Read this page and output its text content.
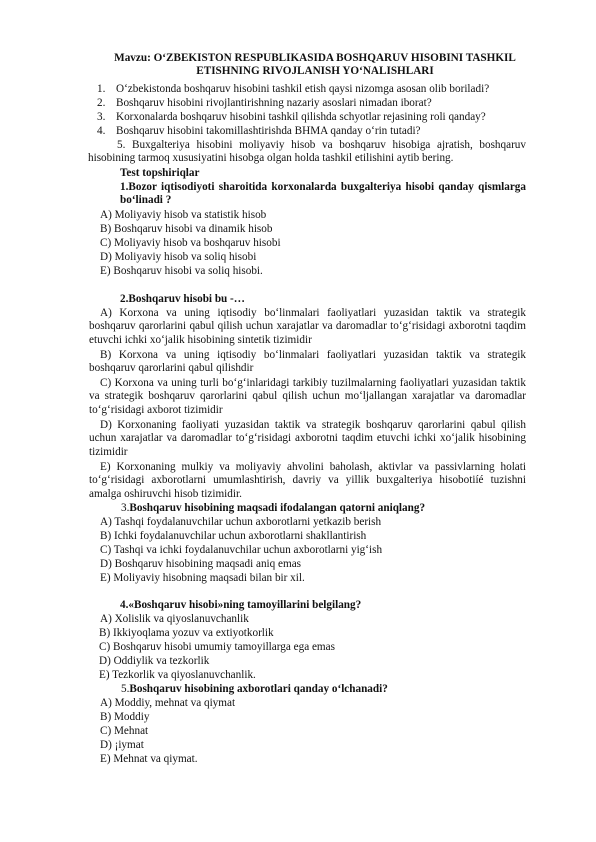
Mavzu: O‘ZBEKISTON RESPUBLIKASIDA BOSHQARUV HISOBINI TASHKIL
ETISHNING RIVOJLANISH YO‘NALISHLARI
1. O‘zbekistonda boshqaruv hisobini tashkil etish qaysi nizomga asosan olib boriladi?
2. Boshqaruv hisobini rivojlantirishning nazariy asoslari nimadan iborat?
3. Korxonalarda boshqaruv hisobini tashkil qilishda schyotlar rejasining roli qanday?
4. Boshqaruv hisobini takomillashtirishda BHMA qanday o‘rin tutadi?
5. Buxgalteriya hisobini moliyaviy hisob va boshqaruv hisobiga ajratish, boshqaruv hisobining tarmoq xususiyatini hisobga olgan holda tashkil etilishini aytib bering.
Test topshiriqlar
1.Bozor iqtisodiyoti sharoitida korxonalarda buxgalteriya hisobi qanday qismlarga bo‘linadi ?
A) Moliyaviy hisob va statistik hisob
B) Boshqaruv hisobi va dinamik hisob
C) Moliyaviy hisob va boshqaruv hisobi
D) Moliyaviy hisob va soliq hisobi
E) Boshqaruv hisobi va soliq hisobi.
2.Boshqaruv hisobi bu -…
A) Korxona va uning iqtisodiy bo‘linmalari faoliyatlari yuzasidan taktik va strategik boshqaruv qarorlarini qabul qilish uchun xarajatlar va daromadlar to‘g‘risidagi axborotni taqdim etuvchi ichki xo‘jalik hisobining sintetik tizimidir
B) Korxona va uning iqtisodiy bo‘linmalari faoliyatlari yuzasidan taktik va strategik boshqaruv qarorlarini qabul qilishdir
C) Korxona va uning turli bo‘g‘inlaridagi tarkibiy tuzilmalarning faoliyatlari yuzasidan taktik va strategik boshqaruv qarorlarini qabul qilish uchun mo‘ljallangan xarajatlar va daromadlar to‘g‘risidagi axborot tizimidir
D) Korxonaning faoliyati yuzasidan taktik va strategik boshqaruv qarorlarini qabul qilish uchun xarajatlar va daromadlar to‘g‘risidagi axborotni taqdim etuvchi ichki xo‘jalik hisobining tizimidir
E) Korxonaning mulkiy va moliyaviy ahvolini baholash, aktivlar va passivlarning holati to‘g‘risidagi axborotlarni umumlashtirish, davriy va yillik buxgalteriya hisobotiíé tuzishni amalga oshiruvchi hisob tizimidir.
3.Boshqaruv hisobining maqsadi ifodalangan qatorni aniqlang?
A) Tashqi foydalanuvchilar uchun axborotlarni yetkazib berish
B) Ichki foydalanuvchilar uchun axborotlarni shakllantirish
C) Tashqi va ichki foydalanuvchilar uchun axborotlarni yig‘ish
D) Boshqaruv hisobining maqsadi aniq emas
E) Moliyaviy hisobning maqsadi bilan bir xil.
4.«Boshqaruv hisobi»ning tamoyillarini belgilang?
A) Xolislik va qiyoslanuvchanlik
B) Ikkiyoqlama yozuv va extiyotkorlik
C) Boshqaruv hisobi umumiy tamoyillarga ega emas
D) Oddiylik va tezkorlik
E) Tezkorlik va qiyoslanuvchanlik.
5.Boshqaruv hisobining axborotlari qanday o‘lchanadi?
A) Moddiy, mehnat va qiymat
B) Moddiy
C) Mehnat
D) ¡iymat
E) Mehnat va qiymat.
